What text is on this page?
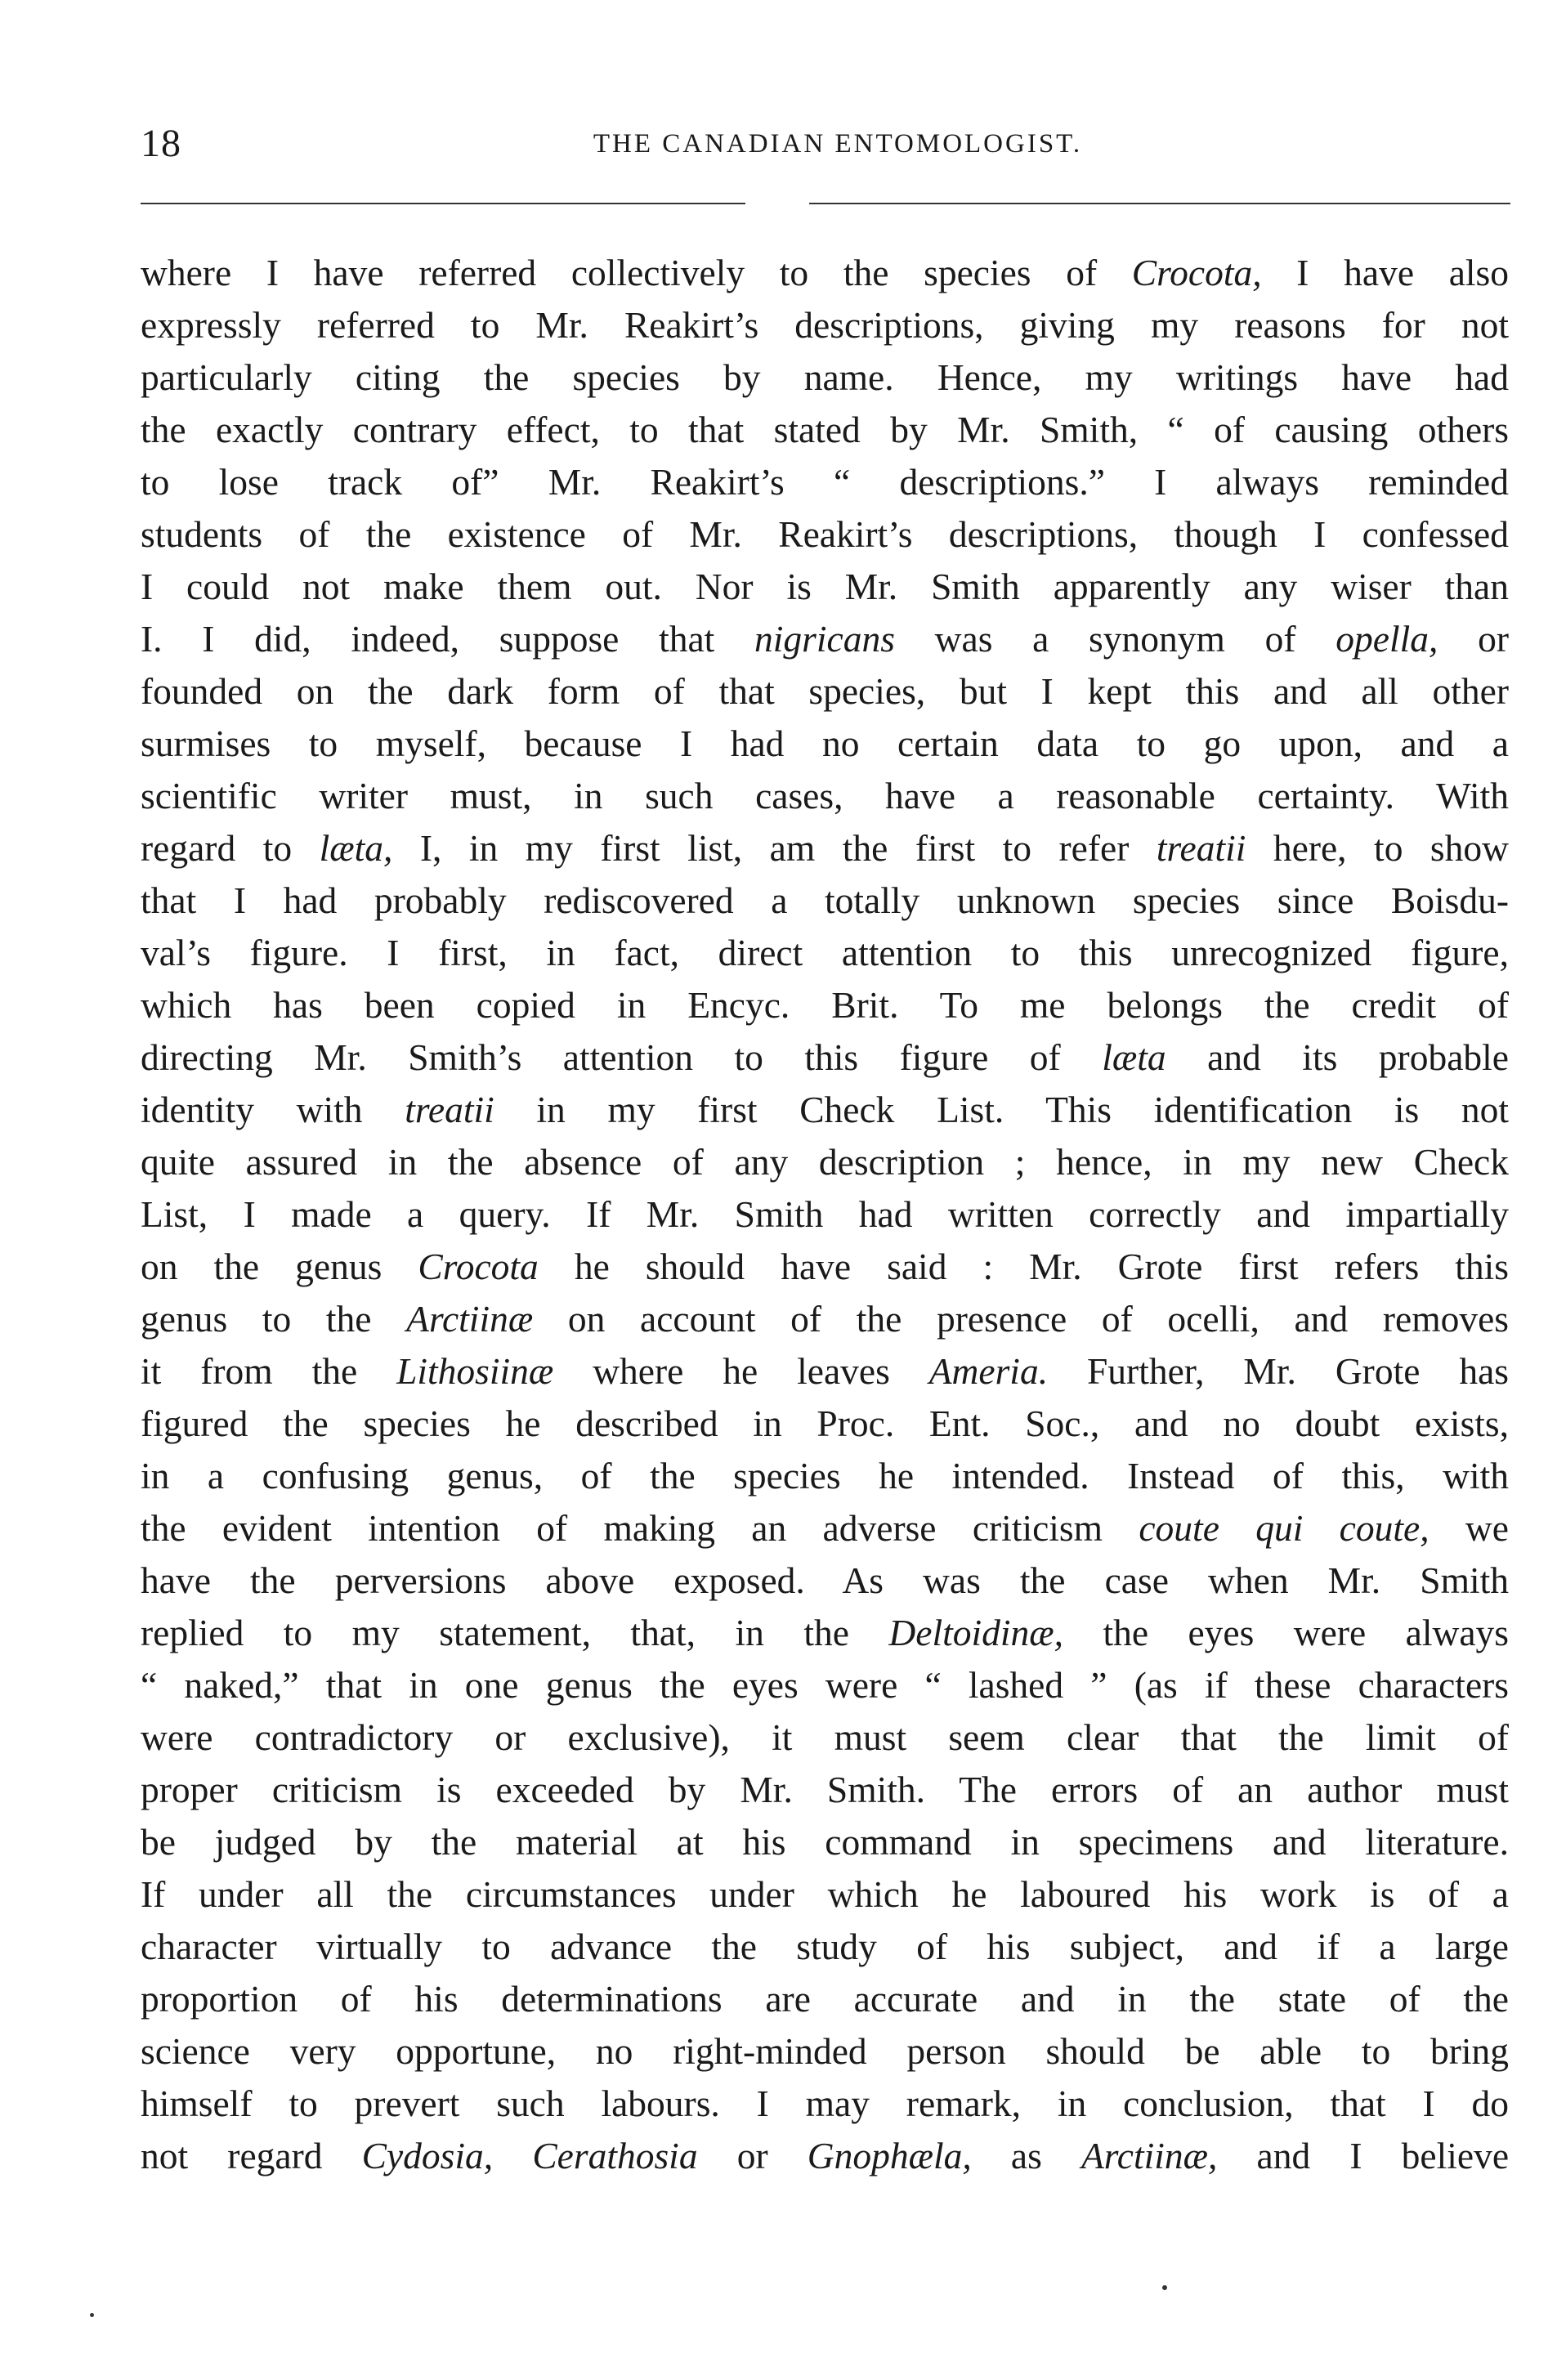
18	THE CANADIAN ENTOMOLOGIST.
where I have referred collectively to the species of Crocota, I have also
expressly referred to Mr. Reakirt’s descriptions, giving my reasons for not
particularly citing the species by name. Hence, my writings have had
the exactly contrary effect, to that stated by Mr. Smith, “ of causing others
to lose track of” Mr. Reakirt’s “ descriptions.” I always reminded
students of the existence of Mr. Reakirt’s descriptions, though I confessed
I could not make them out. Nor is Mr. Smith apparently any wiser than
I. I did, indeed, suppose that nigricans was a synonym of opella, or
founded on the dark form of that species, but I kept this and all other
surmises to myself, because I had no certain data to go upon, and a
scientific writer must, in such cases, have a reasonable certainty. With
regard to læta, I, in my first list, am the first to refer treatii here, to show
that I had probably rediscovered a totally unknown species since Boisdu-
val’s figure. I first, in fact, direct attention to this unrecognized figure,
which has been copied in Encyc. Brit. To me belongs the credit of
directing Mr. Smith’s attention to this figure of læta and its probable
identity with treatii in my first Check List. This identification is not
quite assured in the absence of any description ; hence, in my new Check
List, I made a query. If Mr. Smith had written correctly and impartially
on the genus Crocota he should have said : Mr. Grote first refers this
genus to the Arctiinæ on account of the presence of ocelli, and removes
it from the Lithosiinæ where he leaves Ameria. Further, Mr. Grote has
figured the species he described in Proc. Ent. Soc., and no doubt exists,
in a confusing genus, of the species he intended. Instead of this, with
the evident intention of making an adverse criticism coute qui coute, we
have the perversions above exposed. As was the case when Mr. Smith
replied to my statement, that, in the Deltoidinæ, the eyes were always
“ naked,” that in one genus the eyes were “ lashed ” (as if these characters
were contradictory or exclusive), it must seem clear that the limit of
proper criticism is exceeded by Mr. Smith. The errors of an author must
be judged by the material at his command in specimens and literature.
If under all the circumstances under which he laboured his work is of a
character virtually to advance the study of his subject, and if a large
proportion of his determinations are accurate and in the state of the
science very opportune, no right-minded person should be able to bring
himself to prevert such labours. I may remark, in conclusion, that I do
not regard Cydosia, Cerathosia or Gnophæla, as Arctiinæ, and I believe
